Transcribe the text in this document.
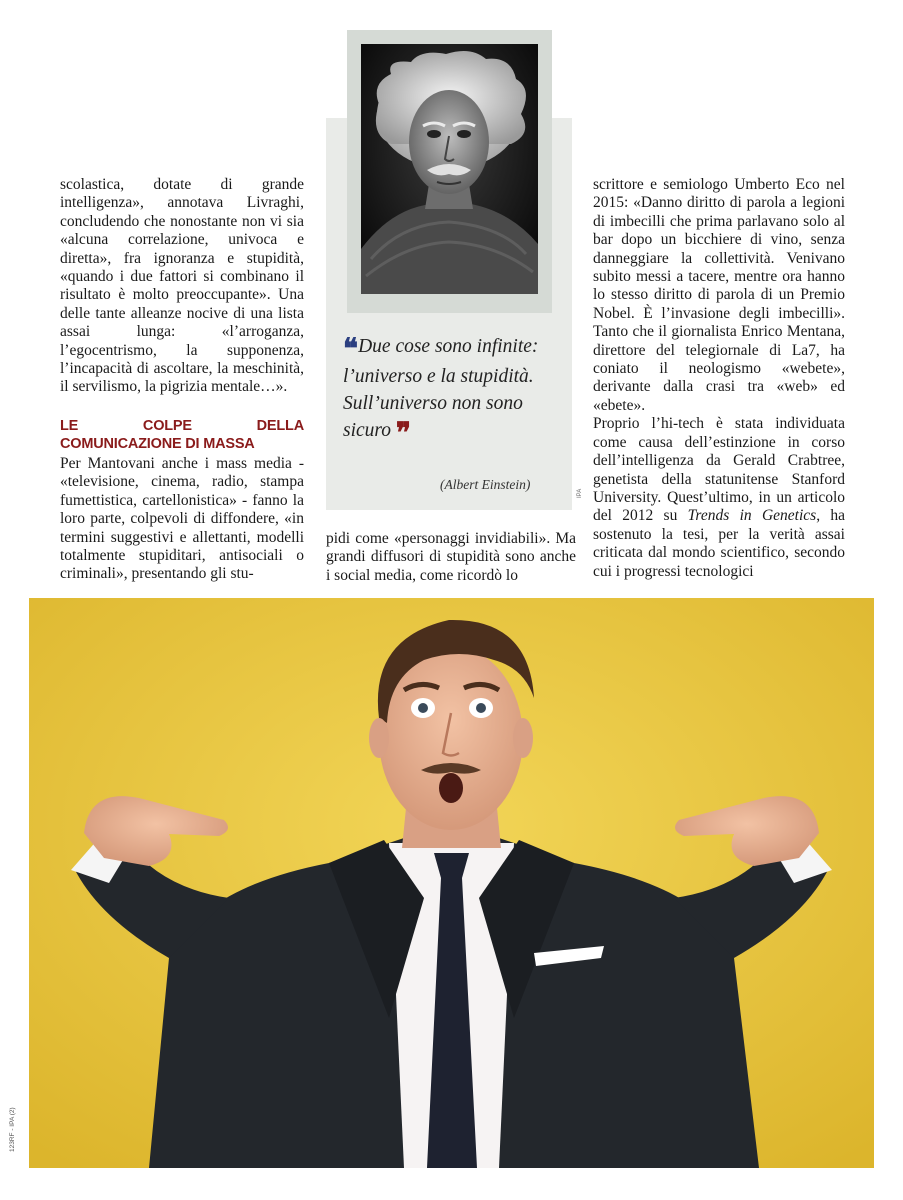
scolastica, dotate di grande intelligenza», annotava Livraghi, concludendo che nonostante non vi sia «alcuna correlazione, univoca e diretta», fra ignoranza e stupidità, «quando i due fattori si combinano il risultato è molto preoccupante». Una delle tante alleanze nocive di una lista assai lunga: «l’arroganza, l’egocentrismo, la supponenza, l’incapacità di ascoltare, la meschinità, il servilismo, la pigrizia mentale…».

LE COLPE DELLA COMUNICAZIONE DI MASSA

Per Mantovani anche i mass media - «televisione, cinema, radio, stampa fumettistica, cartellonistica» - fanno la loro parte, colpevoli di diffondere, «in termini suggestivi e allettanti, modelli totalmente stupiditari, antisociali o criminali», presentando gli stu-

❝Due cose sono infinite: l’universo e la stupidità. Sull’universo non sono sicuro ❞
(Albert Einstein)
IPA

pidi come «personaggi invidiabili». Ma grandi diffusori di stupidità sono anche i social media, come ricordò lo

scrittore e semiologo Umberto Eco nel 2015: «Danno diritto di parola a legioni di imbecilli che prima parlavano solo al bar dopo un bicchiere di vino, senza danneggiare la collettività. Venivano subito messi a tacere, mentre ora hanno lo stesso diritto di parola di un Premio Nobel. È l’invasione degli imbecilli». Tanto che il giornalista Enrico Mentana, direttore del telegiornale di La7, ha coniato il neologismo «webete», derivante dalla crasi tra «web» ed «ebete».

Proprio l’hi-tech è stata individuata come causa dell’estinzione in corso dell’intelligenza da Gerald Crabtree, genetista della statunitense Stanford University. Quest’ultimo, in un articolo del 2012 su Trends in Genetics, ha sostenuto la tesi, per la verità assai criticata dal mondo scientifico, secondo cui i progressi tecnologici

123RF - IPA (2)
